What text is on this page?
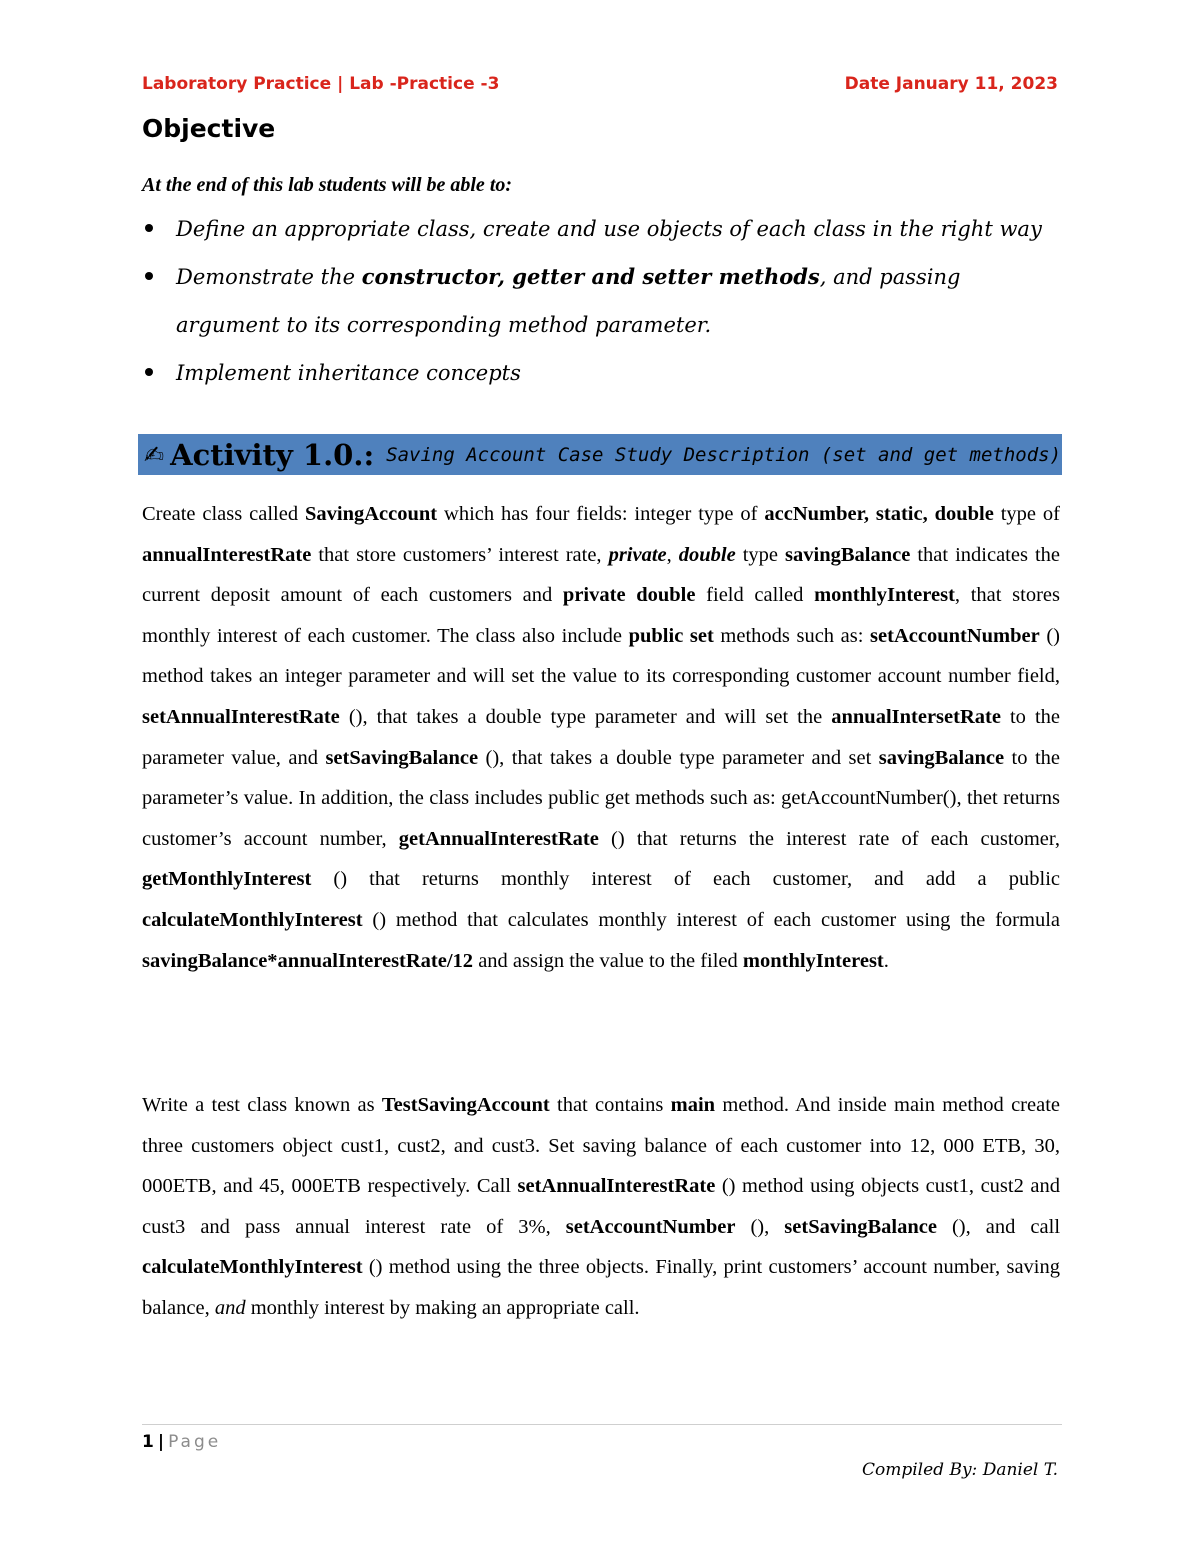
Laboratory Practice | Lab -Practice -3	Date January 11, 2023
Objective
At the end of this lab students will be able to:
Define an appropriate class, create and use objects of each class in the right way
Demonstrate the constructor, getter and setter methods, and passing argument to its corresponding method parameter.
Implement inheritance concepts
✍ Activity 1.0.: Saving Account Case Study Description (set and get methods)

Create class called SavingAccount which has four fields: integer type of accNumber, static, double type of annualInterestRate that store customers’ interest rate, private, double type savingBalance that indicates the current deposit amount of each customers and private double field called monthlyInterest, that stores monthly interest of each customer. The class also include public set methods such as: setAccountNumber () method takes an integer parameter and will set the value to its corresponding customer account number field, setAnnualInterestRate (), that takes a double type parameter and will set the annualIntersetRate to the parameter value, and setSavingBalance (), that takes a double type parameter and set savingBalance to the parameter’s value. In addition, the class includes public get methods such as: getAccountNumber(), thet returns customer’s account number, getAnnualInterestRate () that returns the interest rate of each customer, getMonthlyInterest () that returns monthly interest of each customer, and add a public calculateMonthlyInterest () method that calculates monthly interest of each customer using the formula savingBalance*annualInterestRate/12 and assign the value to the filed monthlyInterest.

Write a test class known as TestSavingAccount that contains main method. And inside main method create three customers object cust1, cust2, and cust3. Set saving balance of each customer into 12, 000 ETB, 30, 000ETB, and 45, 000ETB respectively. Call setAnnualInterestRate () method using objects cust1, cust2 and cust3 and pass annual interest rate of 3%, setAccountNumber (), setSavingBalance (), and call calculateMonthlyInterest () method using the three objects. Finally, print customers’ account number, saving balance, and monthly interest by making an appropriate call.

1 | Page
Compiled By: Daniel T.
